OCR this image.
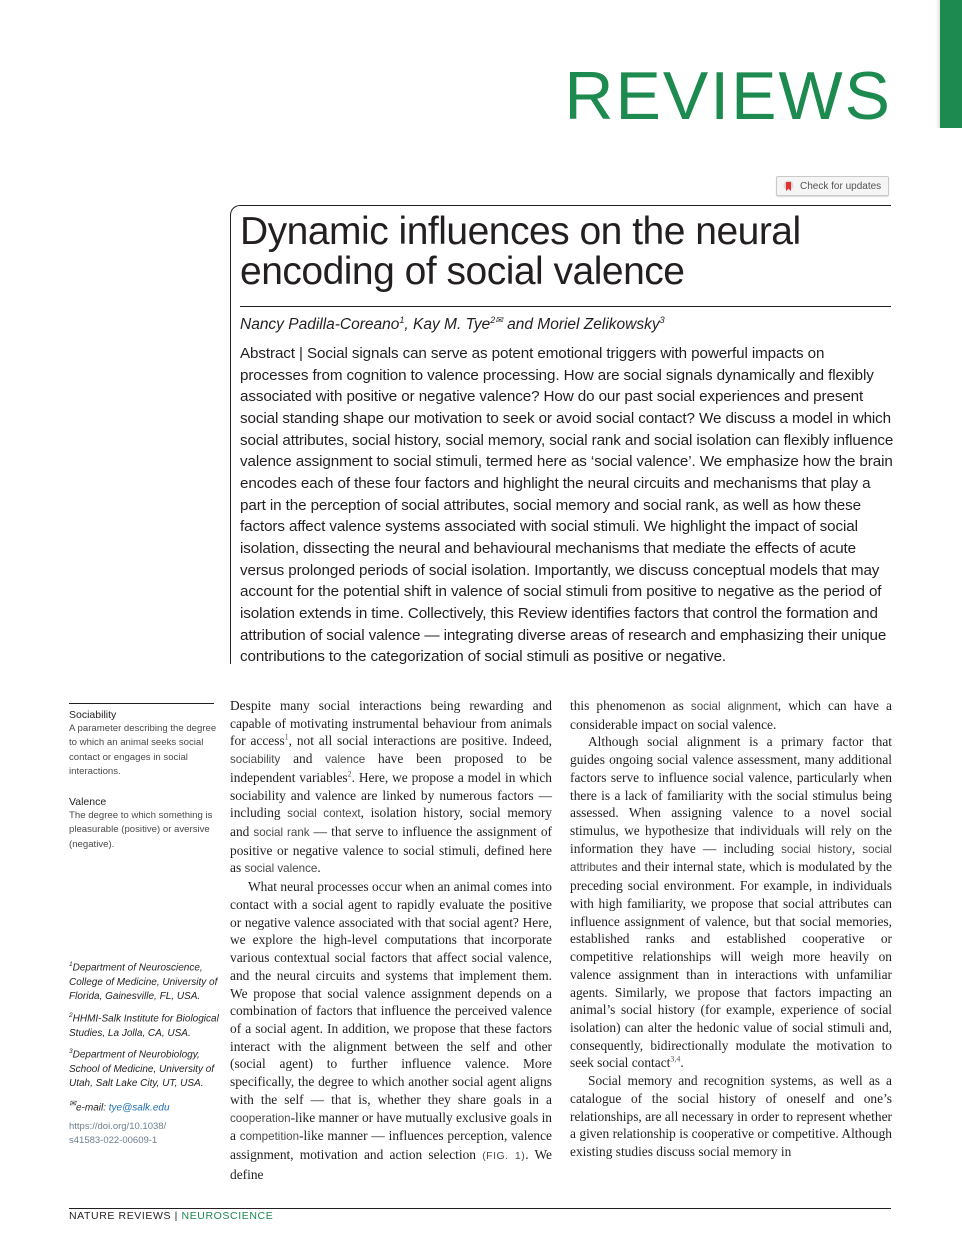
REVIEWS
Check for updates
Dynamic influences on the neural encoding of social valence
Nancy Padilla-Coreano$^1$, Kay M. Tye$^{2✉}$ and Moriel Zelikowsky$^3$

Abstract | Social signals can serve as potent emotional triggers with powerful impacts on processes from cognition to valence processing. How are social signals dynamically and flexibly associated with positive or negative valence? How do our past social experiences and present social standing shape our motivation to seek or avoid social contact? We discuss a model in which social attributes, social history, social memory, social rank and social isolation can flexibly influence valence assignment to social stimuli, termed here as ‘social valence’. We emphasize how the brain encodes each of these four factors and highlight the neural circuits and mechanisms that play a part in the perception of social attributes, social memory and social rank, as well as how these factors affect valence systems associated with social stimuli. We highlight the impact of social isolation, dissecting the neural and behavioural mechanisms that mediate the effects of acute versus prolonged periods of social isolation. Importantly, we discuss conceptual models that may account for the potential shift in valence of social stimuli from positive to negative as the period of isolation extends in time. Collectively, this Review identifies factors that control the formation and attribution of social valence — integrating diverse areas of research and emphasizing their unique contributions to the categorization of social stimuli as positive or negative.

Sociability

A parameter describing the degree to which an animal seeks social contact or engages in social interactions.

Valence

The degree to which something is pleasurable (positive) or aversive (negative).

$^1$Department of Neuroscience, College of Medicine, University of Florida, Gainesville, FL, USA.

$^2$HHMI-Salk Institute for Biological Studies, La Jolla, CA, USA.

$^3$Department of Neurobiology, School of Medicine, University of Utah, Salt Lake City, UT, USA.

✉e-mail: tye@salk.edu

https://doi.org/10.1038/
s41583-022-00609-1

Despite many social interactions being rewarding and capable of motivating instrumental behaviour from animals for access$^1$, not all social interactions are positive. Indeed, sociability and valence have been proposed to be independent variables$^2$. Here, we propose a model in which sociability and valence are linked by numerous factors — including social context, isolation history, social memory and social rank — that serve to influence the assignment of positive or negative valence to social stimuli, defined here as social valence.

What neural processes occur when an animal comes into contact with a social agent to rapidly evaluate the positive or negative valence associated with that social agent? Here, we explore the high-level computations that incorporate various contextual social factors that affect social valence, and the neural circuits and systems that implement them. We propose that social valence assignment depends on a combination of factors that influence the perceived valence of a social agent. In addition, we propose that these factors interact with the alignment between the self and other (social agent) to further influence valence. More specifically, the degree to which another social agent aligns with the self — that is, whether they share goals in a cooperation-like manner or have mutually exclusive goals in a competition-like manner — influences perception, valence assignment, motivation and action selection (FIG. 1). We define

this phenomenon as social alignment, which can have a considerable impact on social valence.

Although social alignment is a primary factor that guides ongoing social valence assessment, many additional factors serve to influence social valence, particularly when there is a lack of familiarity with the social stimulus being assessed. When assigning valence to a novel social stimulus, we hypothesize that individuals will rely on the information they have — including social history, social attributes and their internal state, which is modulated by the preceding social environment. For example, in individuals with high familiarity, we propose that social attributes can influence assignment of valence, but that social memories, established ranks and established cooperative or competitive relationships will weigh more heavily on valence assignment than in interactions with unfamiliar agents. Similarly, we propose that factors impacting an animal’s social history (for example, experience of social isolation) can alter the hedonic value of social stimuli and, consequently, bidirectionally modulate the motivation to seek social contact$^{3,4}$.

Social memory and recognition systems, as well as a catalogue of the social history of oneself and one’s relationships, are all necessary in order to represent whether a given relationship is cooperative or competitive. Although existing studies discuss social memory in

NATURE REVIEWS | NEUROSCIENCE
